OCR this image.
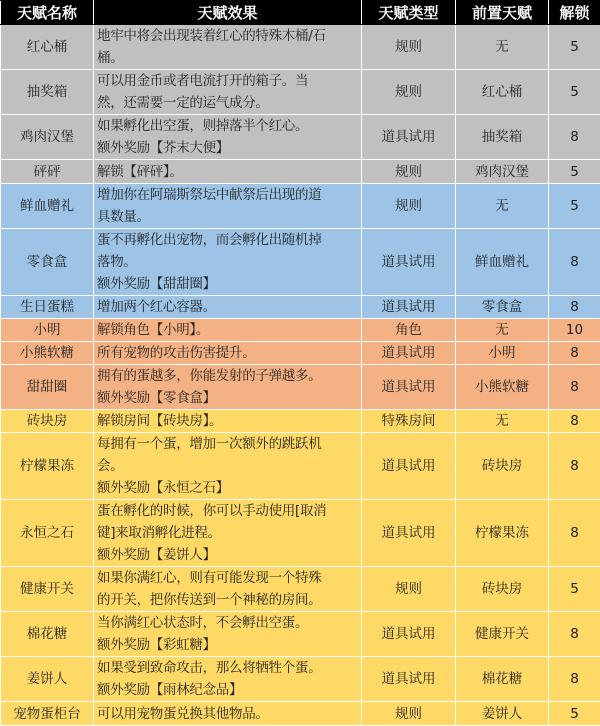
天赋名称	天赋效果	天赋类型	前置天赋	解锁
红心桶	地牢中将会出现装着红心的特殊木桶/石
桶。	规则	无	5
抽奖箱	可以用金币或者电流打开的箱子。当
然，还需要一定的运气成分。	规则	红心桶	5
鸡肉汉堡	如果孵化出空蛋，则掉落半个红心。
额外奖励【芥末大便】	道具试用	抽奖箱	8
砰砰	解锁【砰砰】。	规则	鸡肉汉堡	5
鲜血赠礼	增加你在阿瑞斯祭坛中献祭后出现的道
具数量。	规则	无	5
零食盒	蛋不再孵化出宠物，而会孵化出随机掉
落物。
额外奖励【甜甜圈】	道具试用	鲜血赠礼	8
生日蛋糕	增加两个红心容器。	道具试用	零食盒	8
小明	解锁角色【小明】。	角色	无	10
小熊软糖	所有宠物的攻击伤害提升。	道具试用	小明	8
甜甜圈	拥有的蛋越多，你能发射的子弹越多。
额外奖励【零食盒】	道具试用	小熊软糖	8
砖块房	解锁房间【砖块房】。	特殊房间	无	8
柠檬果冻	每拥有一个蛋，增加一次额外的跳跃机
会。
额外奖励【永恒之石】	道具试用	砖块房	8
永恒之石	蛋在孵化的时候，你可以手动使用[取消
键]来取消孵化进程。
额外奖励【姜饼人】	道具试用	柠檬果冻	8
健康开关	如果你满红心，则有可能发现一个特殊
的开关，把你传送到一个神秘的房间。	规则	砖块房	5
棉花糖	当你满红心状态时，不会孵出空蛋。
额外奖励【彩虹糖】	道具试用	健康开关	8
姜饼人	如果受到致命攻击，那么将牺牲个蛋。
额外奖励【雨林纪念品】	道具试用	棉花糖	8
宠物蛋柜台	可以用宠物蛋兑换其他物品。	规则	姜饼人	5
